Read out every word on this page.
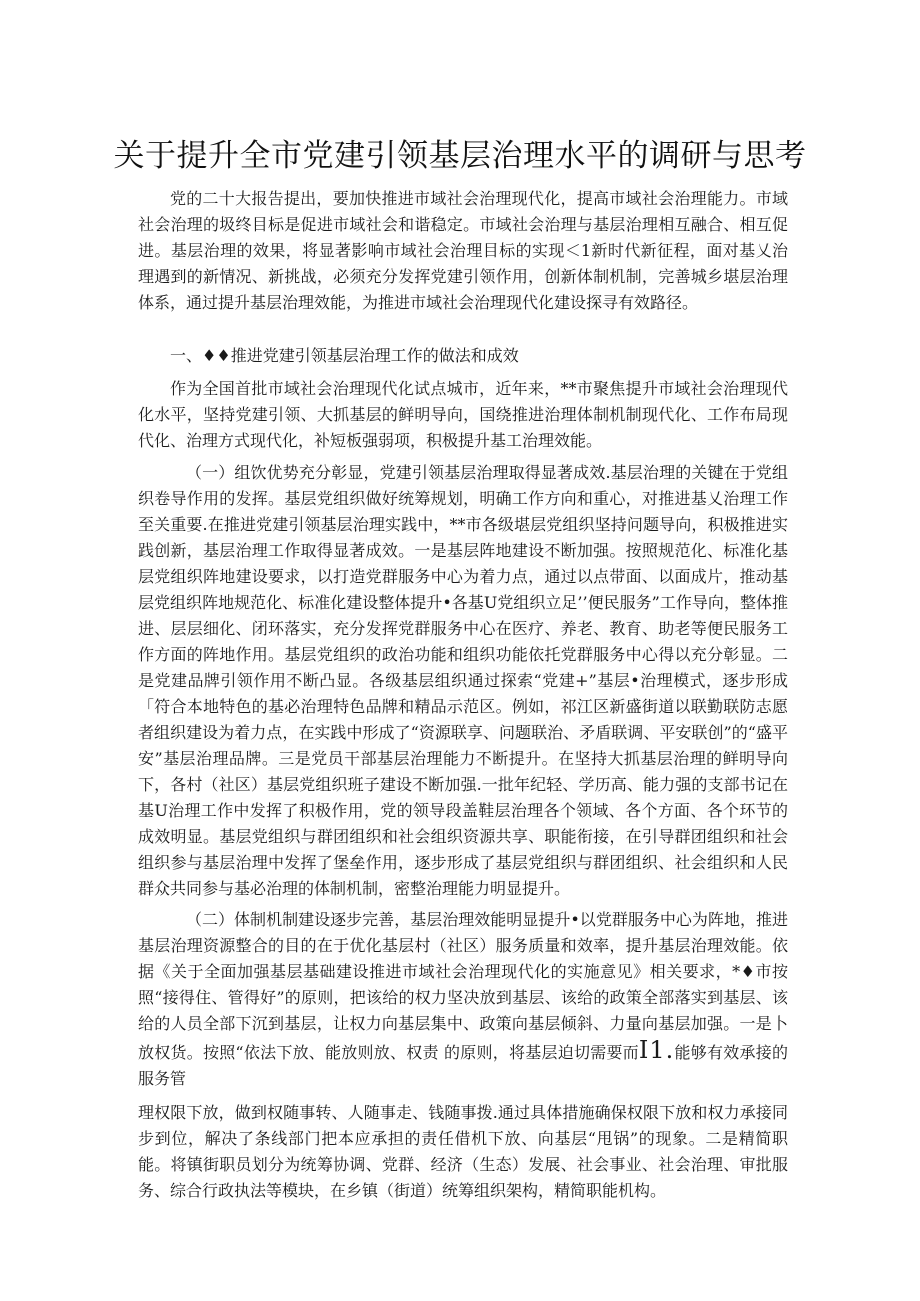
关于提升全市党建引领基层治理水平的调研与思考

党的二十大报告提出，要加快推进市域社会治理现代化，提高市域社会治理能力。市域社会治理的圾终目标是促进市域社会和谐稳定。市域社会治理与基层治理相互融合、相互促进。基层治理的效果，将显著影响市域社会治理目标的实现＜1新时代新征程，面对基乂治理遇到的新情况、新挑战，必须充分发挥党建引领作用，创新体制机制，完善城乡堪层治理体系，通过提升基层治理效能，为推进市域社会治理现代化建设探寻有效路径。

一、♦♦推进党建引领基层治理工作的做法和成效

作为全国首批市域社会治理现代化试点城市，近年来，**市聚焦提升市域社会治理现代化水平，坚持党建引领、大抓基层的鲜明导向，国绕推进治理体制机制现代化、工作布局现代化、治理方式现代化，补短板强弱项，积极提升基工治理效能。

（一）组饮优势充分彰显，党建引领基层治理取得显著成效.基层治理的关键在于党组织卷导作用的发挥。基层党组织做好统筹规划，明确工作方向和重心，对推进基乂治理工作至关重要.在推进党建引领基层治理实践中，**市各级堪层党组织坚持问题导向，积极推进实践创新，基层治理工作取得显著成效。一是基层阵地建设不断加强。按照规范化、标准化基层党组织阵地建设要求，以打造党群服务中心为着力点，通过以点带面、以面成片，推动基层党组织阵地规范化、标准化建设整体提升•各基U党组织立足’’便民服务”工作导向，整体推进、层层细化、闭环落实，充分发挥党群服务中心在医疗、养老、教育、助老等便民服务工作方面的阵地作用。基层党组织的政治功能和组织功能依托党群服务中心得以充分彰显。二是党建品牌引领作用不断凸显。各级基层组织通过探索“党建+”基层•治理模式，逐步形成「符合本地特色的基必治理特色品牌和精品示范区。例如，祁江区新盛街道以联勤联防志愿者组织建设为着力点，在实践中形成了“资源联享、问题联治、矛盾联调、平安联创”的“盛平安”基层治理品牌。三是党员干部基层治理能力不断提升。在坚持大抓基层治理的鲜明导向下，各村（社区）基层党组织班子建设不断加强.一批年纪轻、学历高、能力强的支部书记在基U治理工作中发挥了积极作用，党的领导段盖鞋层治理各个领域、各个方面、各个环节的成效明显。基层党组织与群团组织和社会组织资源共享、职能衔接，在引导群团组织和社会组织参与基层治理中发挥了堡垒作用，逐步形成了基层党组织与群团组织、社会组织和人民群众共同参与基必治理的体制机制，密整治理能力明显提升。

（二）体制机制建设逐步完善，基层治理效能明显提升•以党群服务中心为阵地，推进基层治理资源整合的目的在于优化基层村（社区）服务质量和效率，提升基层治理效能。依据《关于全面加强基层基础建设推进市域社会治理现代化的实施意见》相关要求，*♦市按照“接得住、管得好”的原则，把该给的权力坚决放到基层、该给的政策全部落实到基层、该给的人员全部下沉到基层，让权力向基层集中、政策向基层倾斜、力量向基层加强。一是卜放权货。按照“依法下放、能放则放、权责 的原则，将基层迫切需要而I1.能够有效承接的服务管

理权限下放，做到权随事转、人随事走、钱随事拨.通过具体措施确保权限下放和权力承接同步到位，解决了条线部门把本应承担的责任借机下放、向基层“甩锅”的现象。二是精简职能。将镇街职员划分为统筹协调、党群、经济（生态）发展、社会事业、社会治理、审批服务、综合行政执法等模块，在乡镇（街道）统筹组织架构，精简职能机构。
